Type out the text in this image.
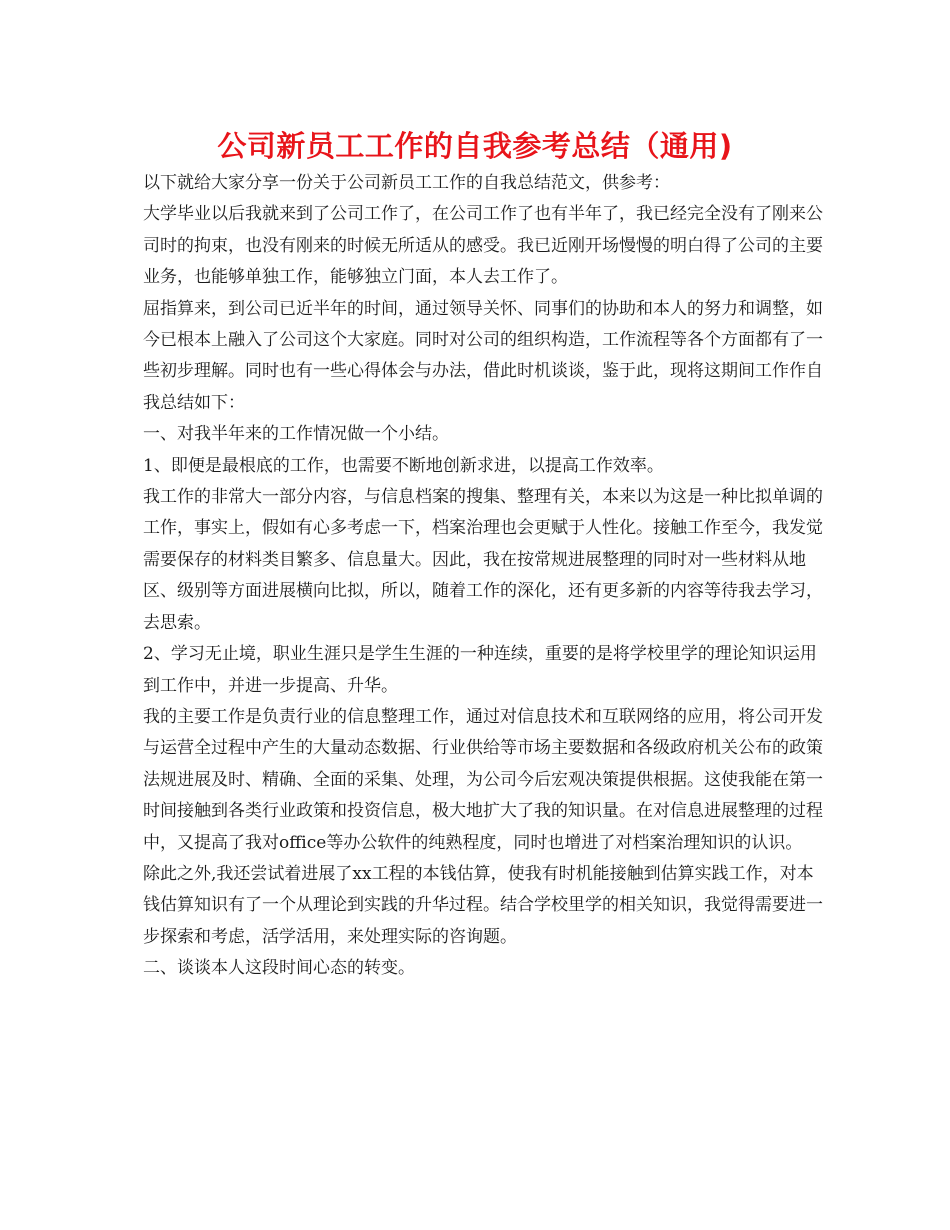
公司新员工工作的自我参考总结（通用)

以下就给大家分享一份关于公司新员工工作的自我总结范文，供参考：

大学毕业以后我就来到了公司工作了，在公司工作了也有半年了，我已经完全没有了刚来公司时的拘束，也没有刚来的时候无所适从的感受。我已近刚开场慢慢的明白得了公司的主要业务，也能够单独工作，能够独立门面，本人去工作了。

屈指算来，到公司已近半年的时间，通过领导关怀、同事们的协助和本人的努力和调整，如今已根本上融入了公司这个大家庭。同时对公司的组织构造，工作流程等各个方面都有了一些初步理解。同时也有一些心得体会与办法，借此时机谈谈，鉴于此，现将这期间工作作自我总结如下：

一、对我半年来的工作情况做一个小结。

1、即便是最根底的工作，也需要不断地创新求进，以提高工作效率。

我工作的非常大一部分内容，与信息档案的搜集、整理有关，本来以为这是一种比拟单调的工作，事实上，假如有心多考虑一下，档案治理也会更赋于人性化。接触工作至今，我发觉需要保存的材料类目繁多、信息量大。因此，我在按常规进展整理的同时对一些材料从地区、级别等方面进展横向比拟，所以，随着工作的深化，还有更多新的内容等待我去学习，去思索。

2、学习无止境，职业生涯只是学生生涯的一种连续，重要的是将学校里学的理论知识运用到工作中，并进一步提高、升华。

我的主要工作是负责行业的信息整理工作，通过对信息技术和互联网络的应用，将公司开发与运营全过程中产生的大量动态数据、行业供给等市场主要数据和各级政府机关公布的政策法规进展及时、精确、全面的采集、处理，为公司今后宏观决策提供根据。这使我能在第一时间接触到各类行业政策和投资信息，极大地扩大了我的知识量。在对信息进展整理的过程中，又提高了我对office等办公软件的纯熟程度，同时也增进了对档案治理知识的认识。

除此之外,我还尝试着进展了xx工程的本钱估算，使我有时机能接触到估算实践工作，对本钱估算知识有了一个从理论到实践的升华过程。结合学校里学的相关知识，我觉得需要进一步探索和考虑，活学活用，来处理实际的咨询题。

二、谈谈本人这段时间心态的转变。
